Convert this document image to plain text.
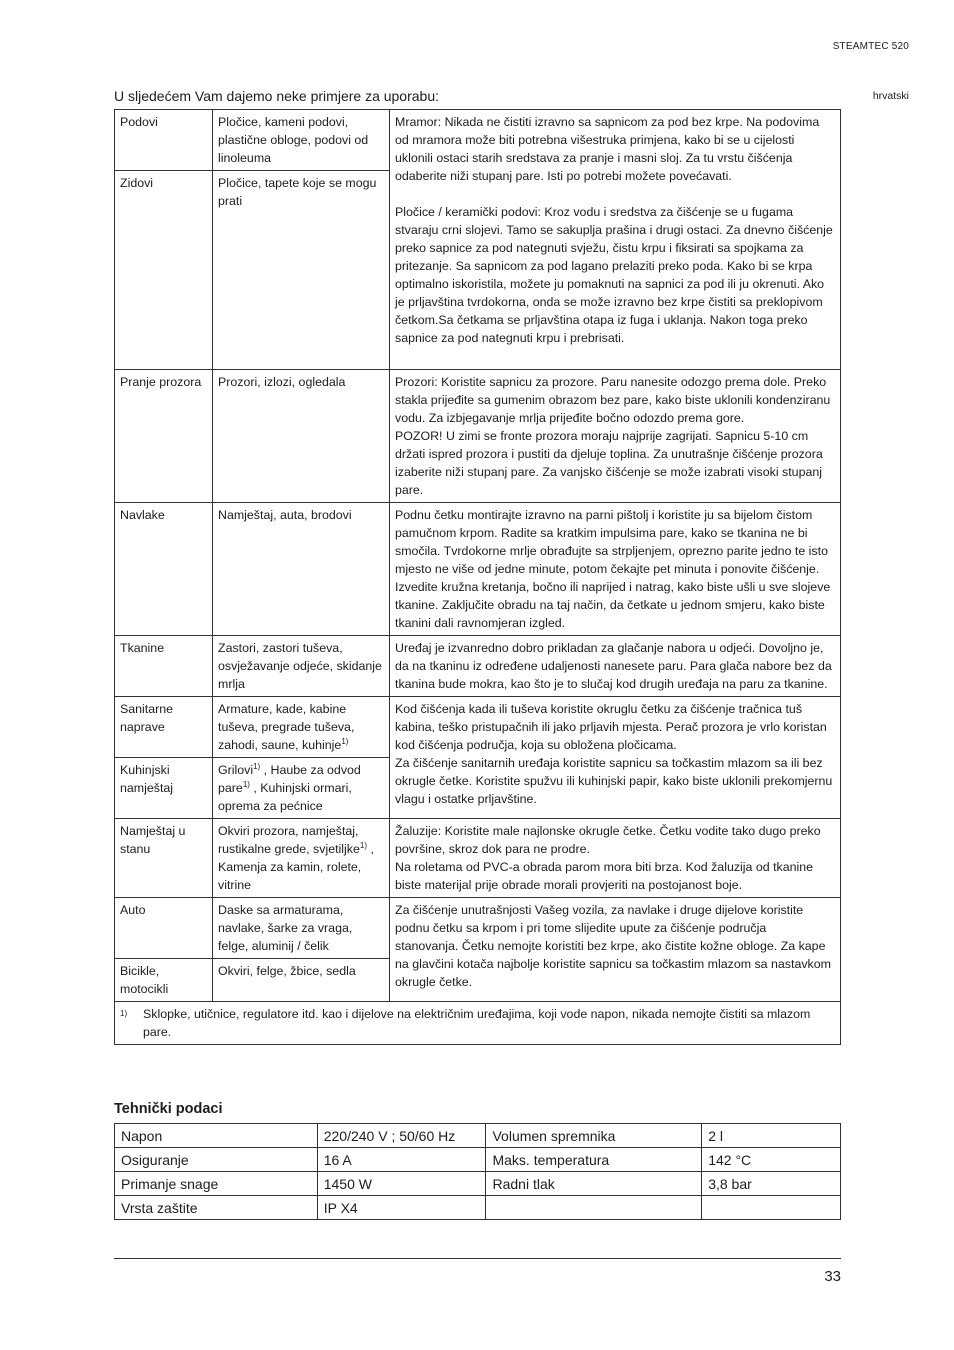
STEAMTEC 520
hrvatski
U sljedećem Vam dajemo neke primjere za uporabu:
Podovi	Pločice, kameni podovi, plastične obloge, podovi od linoleuma	Mramor: Nikada ne čistiti izravno sa sapnicom za pod bez krpe. Na podovima od mramora može biti potrebna višestruka primjena, kako bi se u cijelosti uklonili ostaci starih sredstava za pranje i masni sloj. Za tu vrstu čišćenja odaberite niži stupanj pare. Isti po potrebi možete povećavati.
Pločice / keramički podovi: Kroz vodu i sredstva za čišćenje se u fugama stvaraju crni slojevi. Tamo se sakuplja prašina i drugi ostaci. Za dnevno čišćenje preko sapnice za pod nategnuti svježu, čistu krpu i fiksirati sa spojkama za pritezanje. Sa sapnicom za pod lagano prelaziti preko poda. Kako bi se krpa optimalno iskoristila, možete ju pomaknuti na sapnici za pod ili ju okrenuti. Ako je prljavština tvrdokorna, onda se može izravno bez krpe čistiti sa preklopivom četkom.Sa četkama se prljavština otapa iz fuga i uklanja. Nakon toga preko sapnice za pod nategnuti krpu i prebrisati.

Zidovi	Pločice, tapete koje se mogu prati	
Pranje prozora	Prozori, izlozi, ogledala	Prozori: Koristite sapnicu za prozore. Paru nanesite odozgo prema dole. Preko stakla prijeđite sa gumenim obrazom bez pare, kako biste uklonili kondenziranu vodu. Za izbjegavanje mrlja prijeđite bočno odozdo prema gore.
POZOR! U zimi se fronte prozora moraju najprije zagrijati. Sapnicu 5-10 cm držati ispred prozora i pustiti da djeluje toplina. Za unutrašnje čišćenje prozora izaberite niži stupanj pare. Za vanjsko čišćenje se može izabrati visoki stupanj pare.

Navlake	Namještaj, auta, brodovi	Podnu četku montirajte izravno na parni pištolj i koristite ju sa bijelom čistom pamučnom krpom. Radite sa kratkim impulsima pare, kako se tkanina ne bi smočila. Tvrdokorne mrlje obrađujte sa strpljenjem, oprezno parite jedno te isto mjesto ne više od jedne minute, potom čekajte pet minuta i ponovite čišćenje. Izvedite kružna kretanja, bočno ili naprijed i natrag, kako biste ušli u sve slojeve tkanine. Zaključite obradu na taj način, da četkate u jednom smjeru, kako biste tkanini dali ravnomjeran izgled.
Tkanine	Zastori, zastori tuševa, osvježavanje odjeće, skidanje mrlja	Uređaj je izvanredno dobro prikladan za glačanje nabora u odjeći. Dovoljno je, da na tkaninu iz određene udaljenosti nanesete paru. Para glača nabore bez da tkanina bude mokra, kao što je to slučaj kod drugih uređaja na paru za tkanine.
Sanitarne naprave	Armature, kade, kabine tuševa, pregrade tuševa, zahodi, saune, kuhinje$^{1)}$	Kod čišćenja kada ili tuševa koristite okruglu četku za čišćenje tračnica tuš kabina, teško pristupačnih ili jako prljavih mjesta. Perač prozora je vrlo koristan kod čišćenja područja, koja su obložena pločicama.
Za čišćenje sanitarnih uređaja koristite sapnicu sa točkastim mlazom sa ili bez okrugle četke. Koristite spužvu ili kuhinjski papir, kako biste uklonili prekomjernu vlagu i ostatke prljavštine.

Kuhinjski namještaj	Grilovi$^{1)}$ , Haube za odvod pare$^{1)}$ , Kuhinjski ormari, oprema za pećnice	
Namještaj u stanu	Okviri prozora, namještaj, rustikalne grede, svjetiljke$^{1)}$ , Kamenja za kamin, rolete, vitrine	Žaluzije: Koristite male najlonske okrugle četke. Četku vodite tako dugo preko površine, skroz dok para ne prodre.
Na roletama od PVC-a obrada parom mora biti brza. Kod žaluzija od tkanine biste materijal prije obrade morali provjeriti na postojanost boje.

Auto	Daske sa armaturama, navlake, šarke za vraga, felge, aluminij / čelik	Za čišćenje unutrašnjosti Vašeg vozila, za navlake i druge dijelove koristite podnu četku sa krpom i pri tome slijedite upute za čišćenje područja stanovanja. Četku nemojte koristiti bez krpe, ako čistite kožne obloge. Za kape na glavčini kotača najbolje koristite sapnicu sa točkastim mlazom sa nastavkom okrugle četke.
Bicikle, motocikli	Okviri, felge, žbice, sedla	

1) Sklopke, utičnice, regulatore itd. kao i dijelove na električnim uređajima, koji vode napon, nikada nemojte čistiti sa mlazom pare.		
Tehnički podaci
Napon	220/240 V ; 50/60 Hz	Volumen spremnika	2 l
Osiguranje	16 A	Maks. temperatura	142 °C
Primanje snage	1450 W	Radni tlak	3,8 bar
Vrsta zaštite	IP X4		
33
